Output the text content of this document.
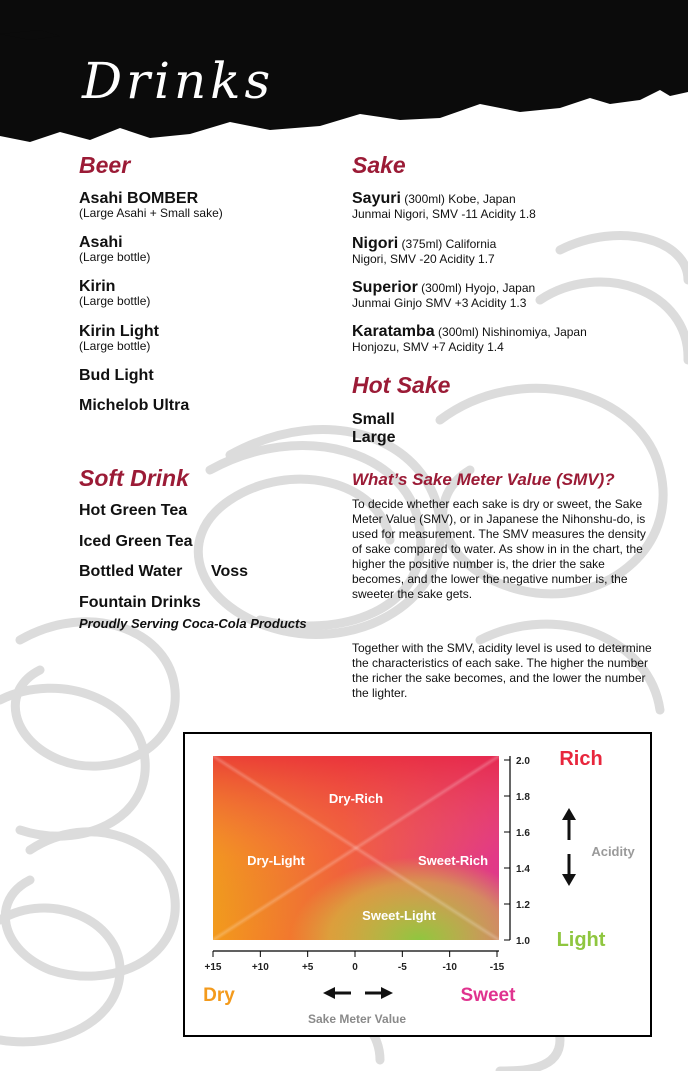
Drinks
Beer
Asahi BOMBER
(Large Asahi + Small sake)
Asahi
(Large bottle)
Kirin
(Large bottle)
Kirin Light
(Large bottle)
Bud Light
Michelob Ultra
Soft Drink
Hot Green Tea
Iced Green Tea
Bottled Water Voss
Fountain Drinks
Proudly Serving Coca-Cola Products
Sake
Sayuri (300ml) Kobe, Japan
Junmai Nigori, SMV -11 Acidity 1.8
Nigori (375ml) California
Nigori, SMV -20 Acidity 1.7
Superior (300ml) Hyojo, Japan
Junmai Ginjo SMV +3 Acidity 1.3
Karatamba (300ml) Nishinomiya, Japan
Honjozu, SMV +7 Acidity 1.4
Hot Sake
Small
Large
What’s Sake Meter Value (SMV)?

To decide whether each sake is dry or sweet, the Sake Meter Value (SMV), or in Japanese the Nihonshu-do, is used for measurement. The SMV measures the density of sake compared to water. As show in in the chart, the higher the positive number is, the drier the sake becomes, and the lower the negative number is, the sweeter the sake gets.

Together with the SMV, acidity level is used to determine the characteristics of each sake. The higher the number the richer the sake becomes, and the lower the number the lighter.

Dry-Rich
Dry-Light	Sweet-Rich
Sweet-Light
2.0
1.8
1.6
1.4
1.2
1.0
+15	+10	+5	0	-5	-10	-15
Rich
Light
Acidity
Dry	Sweet
Sake Meter Value
